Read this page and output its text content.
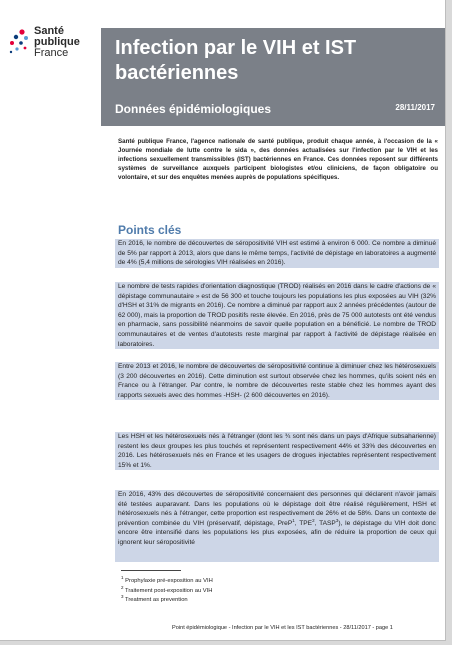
Santé
publique
France	Infection par le VIH et IST bactériennes
Données épidémiologiques	28/11/2017

Santé publique France, l'agence nationale de santé publique, produit chaque année, à l'occasion de la « Journée mondiale de lutte contre le sida », des données actualisées sur l'infection par le VIH et les infections sexuellement transmissibles (IST) bactériennes en France. Ces données reposent sur différents systèmes de surveillance auxquels participent biologistes et/ou cliniciens, de façon obligatoire ou volontaire, et sur des enquêtes menées auprès de populations spécifiques.

Points clés
En 2016, le nombre de découvertes de séropositivité VIH est estimé à environ 6 000. Ce nombre a diminué de 5% par rapport à 2013, alors que dans le même temps, l'activité de dépistage en laboratoires a augmenté de 4% (5,4 millions de sérologies VIH réalisées en 2016).
Le nombre de tests rapides d'orientation diagnostique (TROD) réalisés en 2016 dans le cadre d'actions de « dépistage communautaire » est de 56 300 et touche toujours les populations les plus exposées au VIH (32% d'HSH et 31% de migrants en 2016). Ce nombre a diminué par rapport aux 2 années précédentes (autour de 62 000), mais la proportion de TROD positifs reste élevée. En 2016, près de 75 000 autotests ont été vendus en pharmacie, sans possibilité néanmoins de savoir quelle population en a bénéficié. Le nombre de TROD communautaires et de ventes d'autotests reste marginal par rapport à l'activité de dépistage réalisée en laboratoires.
Entre 2013 et 2016, le nombre de découvertes de séropositivité continue à diminuer chez les hétérosexuels (3 200 découvertes en 2016). Cette diminution est surtout observée chez les hommes, qu'ils soient nés en France ou à l'étranger. Par contre, le nombre de découvertes reste stable chez les hommes ayant des rapports sexuels avec des hommes -HSH- (2 600 découvertes en 2016).
Les HSH et les hétérosexuels nés à l'étranger (dont les ¾ sont nés dans un pays d'Afrique subsaharienne) restent les deux groupes les plus touchés et représentent respectivement 44% et 33% des découvertes en 2016. Les hétérosexuels nés en France et les usagers de drogues injectables représentent respectivement 15% et 1%.
En 2016, 43% des découvertes de séropositivité concernaient des personnes qui déclarent n'avoir jamais été testées auparavant. Dans les populations où le dépistage doit être réalisé régulièrement, HSH et hétérosexuels nés à l'étranger, cette proportion est respectivement de 26% et de 58%. Dans un contexte de prévention combinée du VIH (préservatif, dépistage, PreP$^1$, TPE$^2$, TASP$^3$), le dépistage du VIH doit donc encore être intensifié dans les populations les plus exposées, afin de réduire la proportion de ceux qui ignorent leur séropositivité
$^1$ Prophylaxie pré-exposition au VIH
$^2$ Traitement post-exposition au VIH
$^3$ Treatment as prevention
Point épidémiologique - Infection par le VIH et les IST bactériennes - 28/11/2017 - page 1
